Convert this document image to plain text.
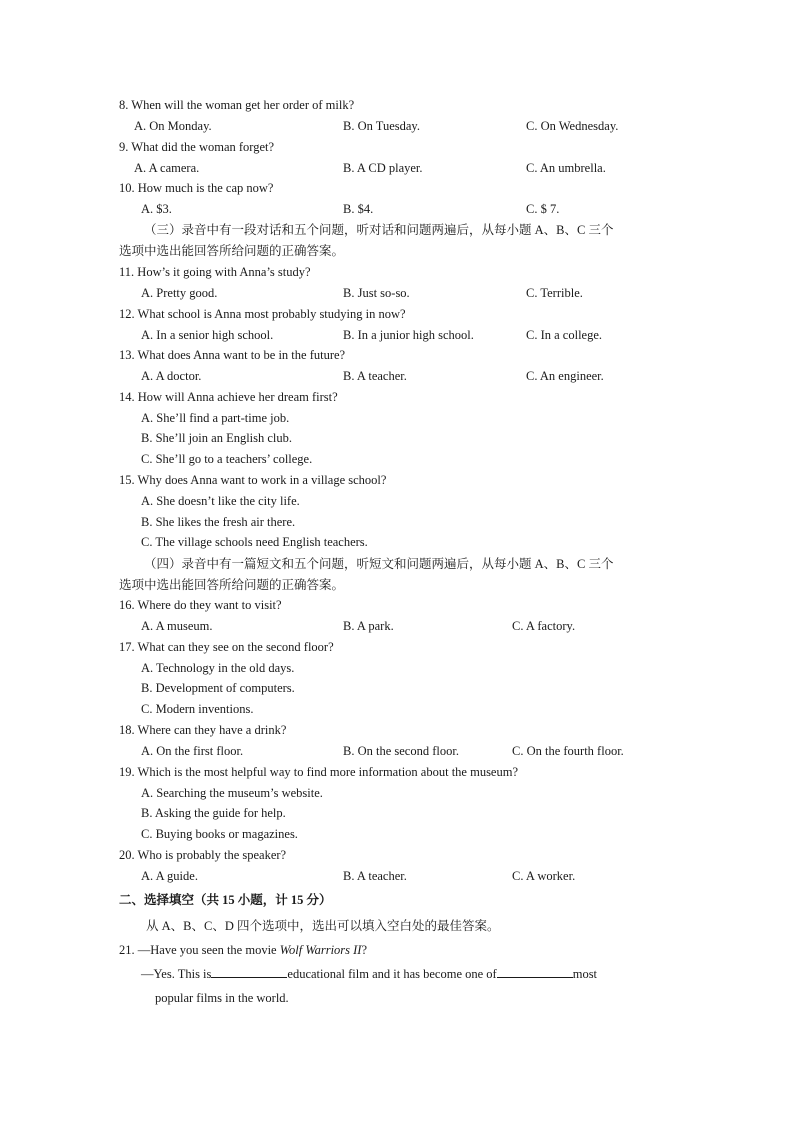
8. When will the woman get her order of milk?
A. On Monday.	B. On Tuesday.	C. On Wednesday.
9. What did the woman forget?
A. A camera.	B. A CD player.	C. An umbrella.
10. How much is the cap now?
A. $3.	B. $4.	C. $ 7.
（三）录音中有一段对话和五个问题，听对话和问题两遍后，从每小题 A、B、C 三个
选项中选出能回答所给问题的正确答案。
11. How’s it going with Anna’s study?
A. Pretty good.	B. Just so-so.	C. Terrible.
12. What school is Anna most probably studying in now?
A. In a senior high school.	B. In a junior high school.	C. In a college.
13. What does Anna want to be in the future?
A. A doctor.	B. A teacher.	C. An engineer.
14. How will Anna achieve her dream first?
A. She’ll find a part-time job.
B. She’ll join an English club.
C. She’ll go to a teachers’ college.
15. Why does Anna want to work in a village school?
A. She doesn’t like the city life.
B. She likes the fresh air there.
C. The village schools need English teachers.
（四）录音中有一篇短文和五个问题，听短文和问题两遍后，从每小题 A、B、C 三个
选项中选出能回答所给问题的正确答案。
16. Where do they want to visit?
A. A museum.	B. A park.	C. A factory.
17. What can they see on the second floor?
A. Technology in the old days.
B. Development of computers.
C. Modern inventions.
18. Where can they have a drink?
A. On the first floor.	B. On the second floor.	C. On the fourth floor.
19. Which is the most helpful way to find more information about the museum?
A. Searching the museum’s website.
B. Asking the guide for help.
C. Buying books or magazines.
20. Who is probably the speaker?
A. A guide.	B. A teacher.	C. A worker.
二、选择填空（共 15 小题，计 15 分）
从 A、B、C、D 四个选项中，选出可以填入空白处的最佳答案。
21. —Have you seen the movie Wolf Warriors II?
—Yes. This is	educational film and it has become one of	most
popular films in the world.
